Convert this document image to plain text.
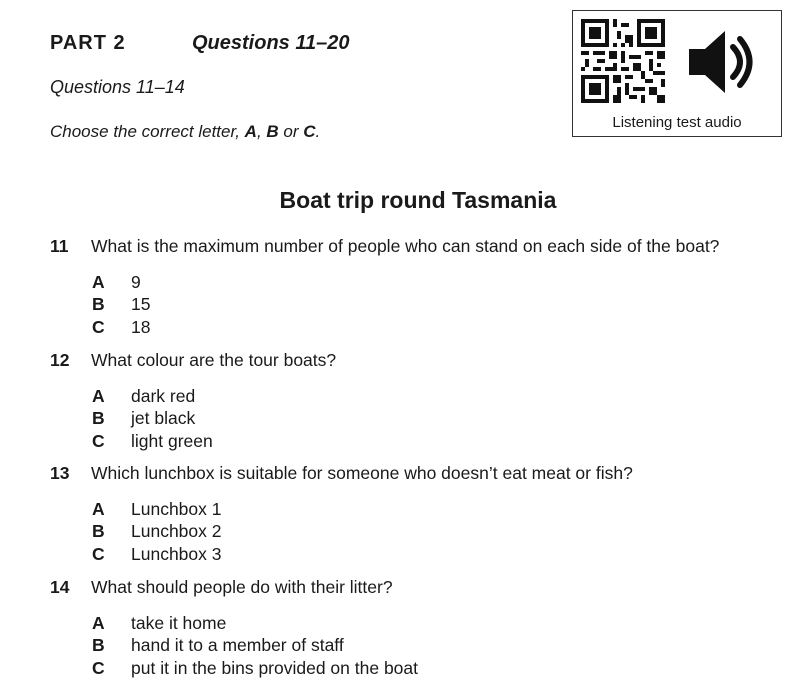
PART 2	Questions 11–20
Questions 11–14
Choose the correct letter, A, B or C.	Listening test audio
Boat trip round Tasmania
11 What is the maximum number of people who can stand on each side of the boat?
A 9
B 15
C 18
12 What colour are the tour boats?
A dark red
B jet black
C light green
13 Which lunchbox is suitable for someone who doesn’t eat meat or fish?
A Lunchbox 1
B Lunchbox 2
C Lunchbox 3
14 What should people do with their litter?
A take it home
B hand it to a member of staff
C put it in the bins provided on the boat
